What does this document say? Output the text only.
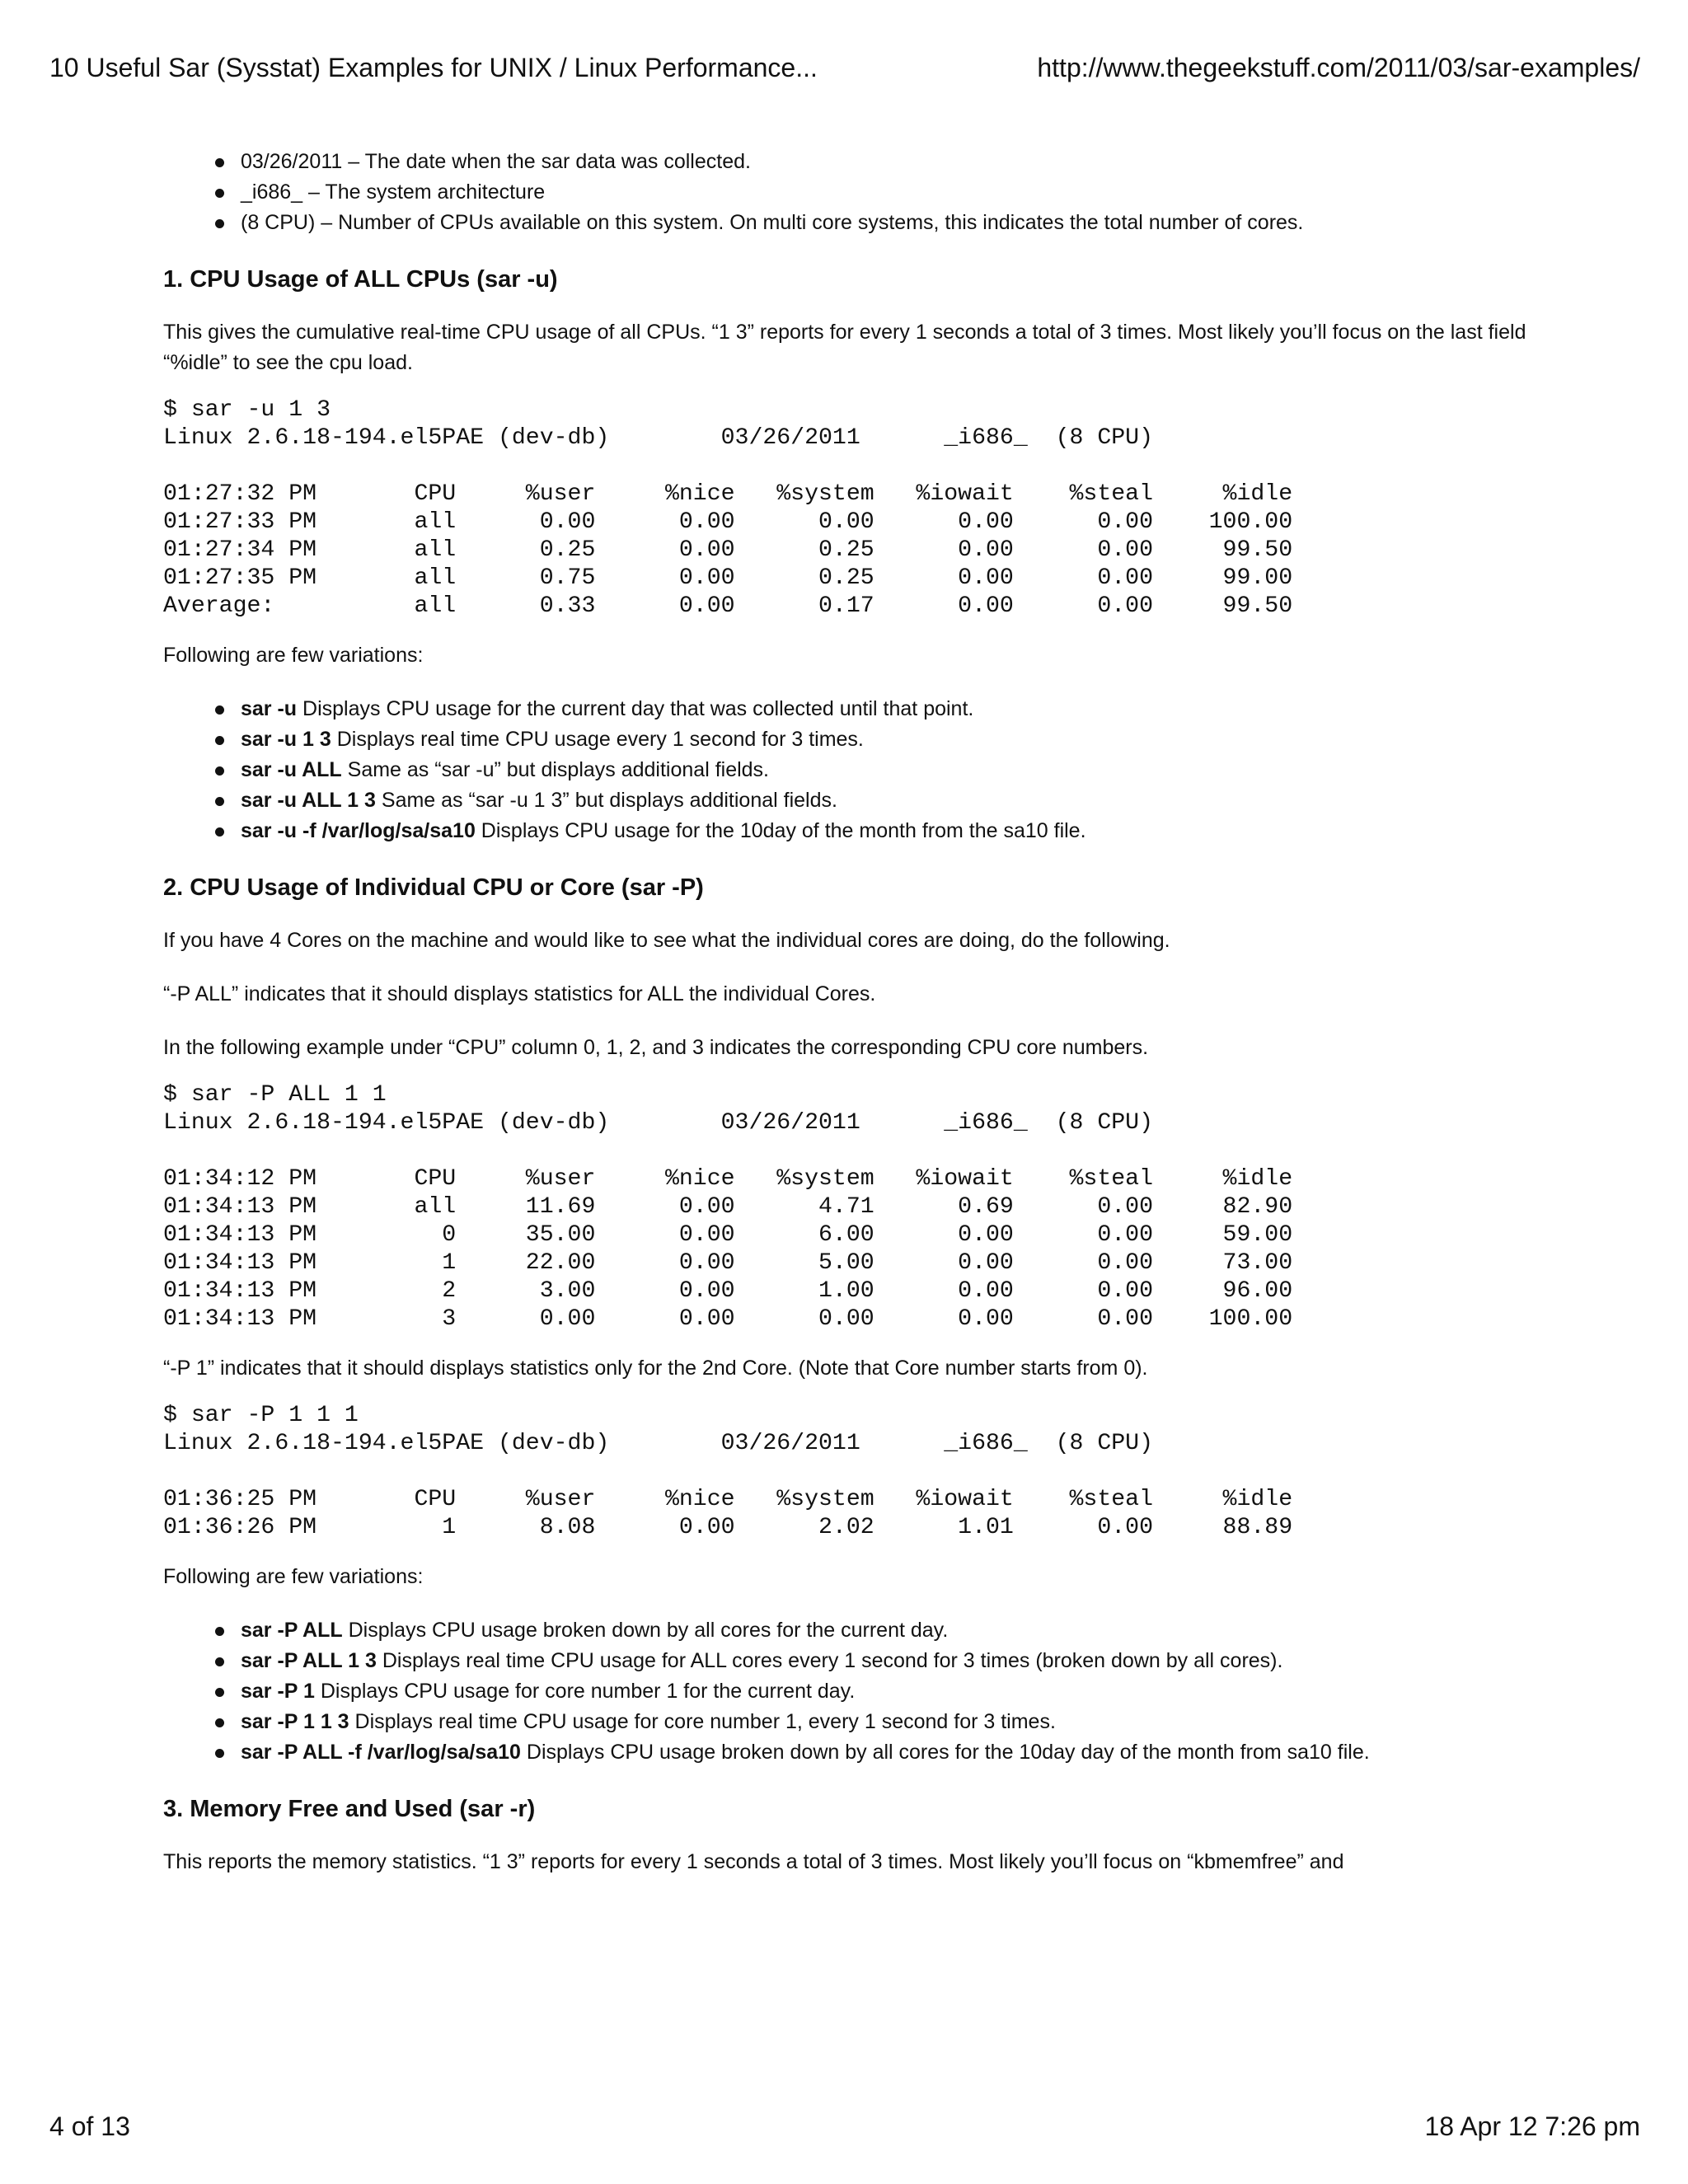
10 Useful Sar (Sysstat) Examples for UNIX / Linux Performance...	http://www.thegeekstuff.com/2011/03/sar-examples/
03/26/2011 – The date when the sar data was collected.
_i686_ – The system architecture
(8 CPU) – Number of CPUs available on this system. On multi core systems, this indicates the total number of cores.
1. CPU Usage of ALL CPUs (sar -u)

This gives the cumulative real-time CPU usage of all CPUs. “1 3” reports for every 1 seconds a total of 3 times. Most likely you’ll focus on the last field “%idle” to see the cpu load.

$ sar -u 1 3
Linux 2.6.18-194.el5PAE (dev-db)        03/26/2011      _i686_  (8 CPU)

01:27:32 PM       CPU     %user     %nice   %system   %iowait    %steal     %idle
01:27:33 PM       all      0.00      0.00      0.00      0.00      0.00    100.00
01:27:34 PM       all      0.25      0.00      0.25      0.00      0.00     99.50
01:27:35 PM       all      0.75      0.00      0.25      0.00      0.00     99.00
Average:          all      0.33      0.00      0.17      0.00      0.00     99.50

Following are few variations:

sar -u Displays CPU usage for the current day that was collected until that point.
sar -u 1 3 Displays real time CPU usage every 1 second for 3 times.
sar -u ALL Same as “sar -u” but displays additional fields.
sar -u ALL 1 3 Same as “sar -u 1 3” but displays additional fields.
sar -u -f /var/log/sa/sa10 Displays CPU usage for the 10day of the month from the sa10 file.
2. CPU Usage of Individual CPU or Core (sar -P)

If you have 4 Cores on the machine and would like to see what the individual cores are doing, do the following.

“-P ALL” indicates that it should displays statistics for ALL the individual Cores.

In the following example under “CPU” column 0, 1, 2, and 3 indicates the corresponding CPU core numbers.

$ sar -P ALL 1 1
Linux 2.6.18-194.el5PAE (dev-db)        03/26/2011      _i686_  (8 CPU)

01:34:12 PM       CPU     %user     %nice   %system   %iowait    %steal     %idle
01:34:13 PM       all     11.69      0.00      4.71      0.69      0.00     82.90
01:34:13 PM         0     35.00      0.00      6.00      0.00      0.00     59.00
01:34:13 PM         1     22.00      0.00      5.00      0.00      0.00     73.00
01:34:13 PM         2      3.00      0.00      1.00      0.00      0.00     96.00
01:34:13 PM         3      0.00      0.00      0.00      0.00      0.00    100.00

“-P 1” indicates that it should displays statistics only for the 2nd Core. (Note that Core number starts from 0).

$ sar -P 1 1 1
Linux 2.6.18-194.el5PAE (dev-db)        03/26/2011      _i686_  (8 CPU)

01:36:25 PM       CPU     %user     %nice   %system   %iowait    %steal     %idle
01:36:26 PM         1      8.08      0.00      2.02      1.01      0.00     88.89

Following are few variations:

sar -P ALL Displays CPU usage broken down by all cores for the current day.
sar -P ALL 1 3 Displays real time CPU usage for ALL cores every 1 second for 3 times (broken down by all cores).
sar -P 1 Displays CPU usage for core number 1 for the current day.
sar -P 1 1 3 Displays real time CPU usage for core number 1, every 1 second for 3 times.
sar -P ALL -f /var/log/sa/sa10 Displays CPU usage broken down by all cores for the 10day day of the month from sa10 file.
3. Memory Free and Used (sar -r)

This reports the memory statistics. “1 3” reports for every 1 seconds a total of 3 times. Most likely you’ll focus on “kbmemfree” and

4 of 13	18 Apr 12 7:26 pm
